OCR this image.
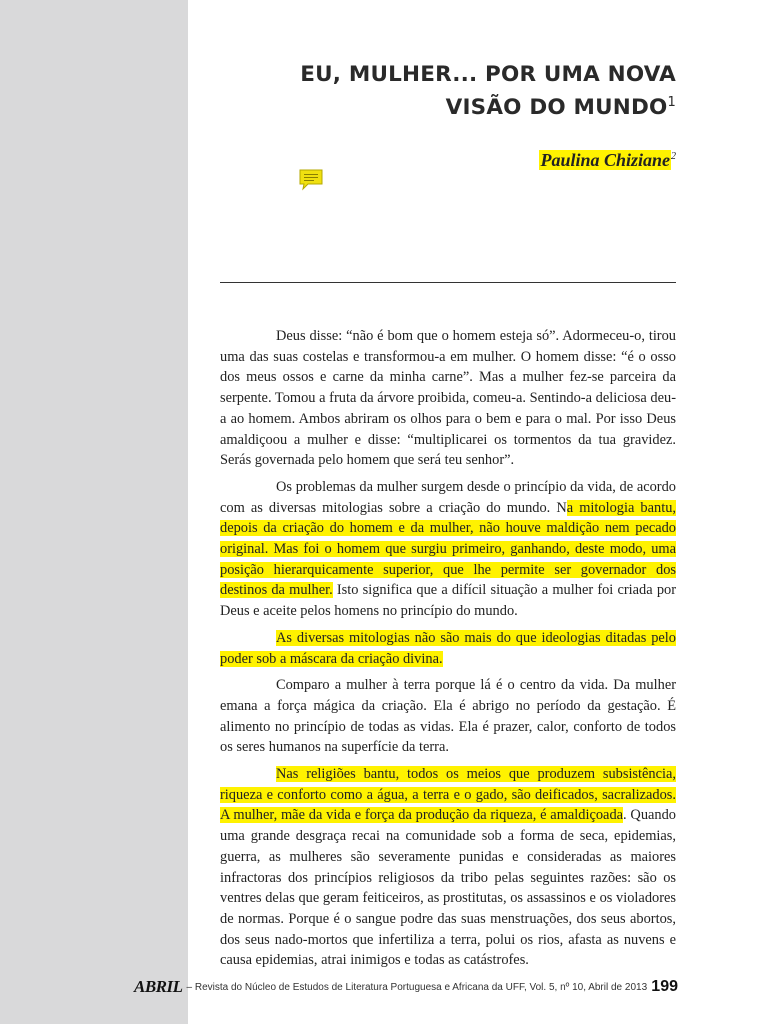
EU, MULHER... POR UMA NOVA
VISÃO DO MUNDO$^1$
Paulina Chiziane$^2$

Deus disse: “não é bom que o homem esteja só”. Adormeceu-o, tirou uma das suas costelas e transformou-a em mulher. O homem disse: “é o osso dos meus ossos e carne da minha carne”. Mas a mulher fez-se parceira da serpente. Tomou a fruta da árvore proibida, comeu-a. Sentindo-a deliciosa deu-a ao homem. Ambos abriram os olhos para o bem e para o mal. Por isso Deus amaldiçoou a mulher e disse: “multiplicarei os tormentos da tua gravidez. Serás governada pelo homem que será teu senhor”.

Os problemas da mulher surgem desde o princípio da vida, de acordo com as diversas mitologias sobre a criação do mundo. Na mitologia bantu, depois da criação do homem e da mulher, não houve maldição nem pecado original. Mas foi o homem que surgiu primeiro, ganhando, deste modo, uma posição hierarquicamente superior, que lhe permite ser governador dos destinos da mulher. Isto significa que a difícil situação a mulher foi criada por Deus e aceite pelos homens no princípio do mundo.

As diversas mitologias não são mais do que ideologias ditadas pelo poder sob a máscara da criação divina.

Comparo a mulher à terra porque lá é o centro da vida. Da mulher emana a força mágica da criação. Ela é abrigo no período da gestação. É alimento no princípio de todas as vidas. Ela é prazer, calor, conforto de todos os seres humanos na superfície da terra.

Nas religiões bantu, todos os meios que produzem subsistência, riqueza e conforto como a água, a terra e o gado, são deificados, sacralizados. A mulher, mãe da vida e força da produção da riqueza, é amaldiçoada. Quando uma grande desgraça recai na comunidade sob a forma de seca, epidemias, guerra, as mulheres são severamente punidas e consideradas as maiores infractoras dos princípios religiosos da tribo pelas seguintes razões: são os ventres delas que geram feiticeiros, as prostitutas, os assassinos e os violadores de normas. Porque é o sangue podre das suas menstruações, dos seus abortos, dos seus nado-mortos que infertiliza a terra, polui os rios, afasta as nuvens e causa epidemias, atrai inimigos e todas as catástrofes.

ABRIL – Revista do Núcleo de Estudos de Literatura Portuguesa e Africana da UFF, Vol. 5, nº 10, Abril de 2013 199
